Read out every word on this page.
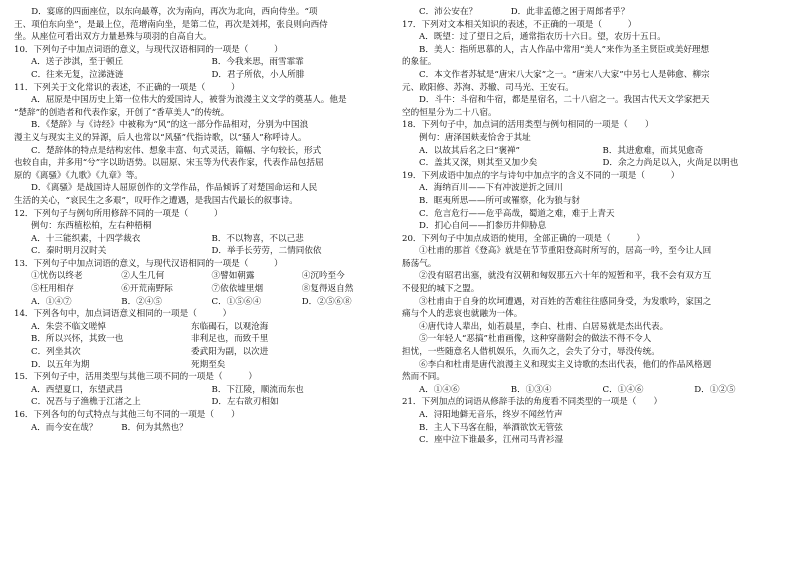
　　D．宴席的四面座位，以东向最尊，次为南向，再次为北向，西向侍坐。“项
王、项伯东向坐”，是最上位，范增南向坐，是第二位，再次是刘邦，张良则向西侍
坐。从座位可看出双方力量悬殊与项羽的自高自大。
10．下列句子中加点词语的意义，与现代汉语相同的一项是（　　　）
A．送子涉淇，至于顿丘	B．今我来思，雨雪霏霏
C．往来无复，泣涕涟涟	D．君子所依，小人所腓
11．下列关于文化常识的表述，不正确的一项是（　　　）
A．屈原是中国历史上第一位伟大的爱国诗人，被誉为浪漫主义文学的奠基人。他是
“楚辞”的创造者和代表作家，开创了“香草美人”的传统。
B．《楚辞》与《诗经》中被称为“风”的这一部分作品相对，分别为中国浪
漫主义与现实主义的异源，后人也常以“风骚”代指诗歌，以“骚人”称呼诗人。
C．楚辞体的特点是结构宏伟、想象丰富、句式灵活，篇幅、字句较长，形式
也较自由，并多用“兮”字以助语势。以屈原、宋玉等为代表作家，代表作品包括屈
原的《离骚》《九歌》《九章》等。
D．《离骚》是战国诗人屈原创作的文学作品，作品倾诉了对楚国命运和人民
生活的关心，“哀民生之多艰”，叹吁作之遭遇，是我国古代最长的叙事诗。
12．下列句子与例句所用修辞不同的一项是（　　　）
例句：东西植松柏，左右种梧桐
A．十三能织素，十四学裁衣	B．不以物喜，不以己悲
C．秦时明月汉时关	D．举手长劳劳，二情同依依
13．下列句子中加点词语的意义，与现代汉语相同的一项是（　　　）
①忧伤以终老	②人生几何	③譬如朝露	④沉吟至今
⑤枉用相存	⑥开荒南野际	⑦依依墟里烟	⑧复得返自然
A．①④⑦	B．②④⑤	C．①⑤⑥④	D．②⑤⑥⑧
14．下列各句中，加点词语意义相同的一项是（　　　）
A．朱尝不临文嗟悼	东临碣石，以观沧海
B．所以兴怀，其致一也	非利足也，而致千里
C．列坐其次	委武阳为副，以次进
D．以五年为期	死期至矣
15．下列句子中，活用类型与其他三项不同的一项是（　　　）
A．西望夏口，东望武昌	B．下江陵，顺流而东也
C．况吾与子渔樵于江渚之上	D．左右欲刃相如
16．下列各句的句式特点与其他三句不同的一项是（　　）
A．而今安在哉？	B．何为其然也？
C．沛公安在？	D．此非孟德之困于周郎者乎？
17．下列对文本相关知识的表述，不正确的一项是（　　　）
A．既望：过了望日之后，通常指农历十六日。望，农历十五日。
B．美人：指所思慕的人，古人作品中常用“美人”来作为圣主贤臣或美好理想
的象征。
C．本文作者苏轼是“唐宋八大家”之一。“唐宋八大家”中另七人是韩愈、柳宗
元、欧阳修、苏洵、苏辙、司马光、王安石。
D．斗牛：斗宿和牛宿，都是星宿名，二十八宿之一。我国古代天文学家把天
空的恒星分为二十八宿。
18．下列句子中，加点词的活用类型与例句相同的一项是（　　）
例句：唐泽国麸麦恰舍于其址
A．以故其后名之曰“褒禅”	B．其进愈难，而其见愈奇
C．盖其又深，则其至又加少矣	D．余之力尚足以入，火尚足以明也
19．下列成语中加点的字与诗句中加点字的含义不同的一项是（　　　）
A．海纳百川——下有冲波逆折之回川
B．眶夷所思——所可或罹察，化为狼与豺
C．危言危行——危乎高哉，蜀道之难，难于上青天
D．扪心自问——扪参历井仰胁息
20．下列句子中加点成语的使用，全部正确的一项是（　　　）
①杜甫的那首《登高》就是在节节重阳登高时所写的，居高一吟，至今让人回
肠荡气。
②没有昭君出塞，就没有汉朝和匈奴那五六十年的短暂和平，我不会有双方互
不侵犯的城下之盟。
③杜甫由于自身的坎坷遭遇，对百姓的苦难往往感同身受，为发歌吟，家国之
痛与个人的悲哀也就融为一体。
④唐代诗人辈出，灿若晨星，李白、杜甫、白居易就是杰出代表。
⑤一年轻人“恶搞”杜甫画像，这种穿凿附会的做法不得不令人
担忧，一些随意名人借机娱乐，久而久之，会失了分寸，辱没传统。
⑥李白和杜甫是唐代浪漫主义和现实主义诗歌的杰出代表，他们的作品风格迥
然而不同。
A．①④⑥	B．①③④	C．①④⑥	D．①②⑤
21．下列加点的词语从修辞手法的角度看不同类型的一项是（　　）
A．浔阳地僻无音乐，终岁不闻丝竹声
B．主人下马客在船，举酒欲饮无管弦
C．座中泣下谁最多，江州司马青衫湿
